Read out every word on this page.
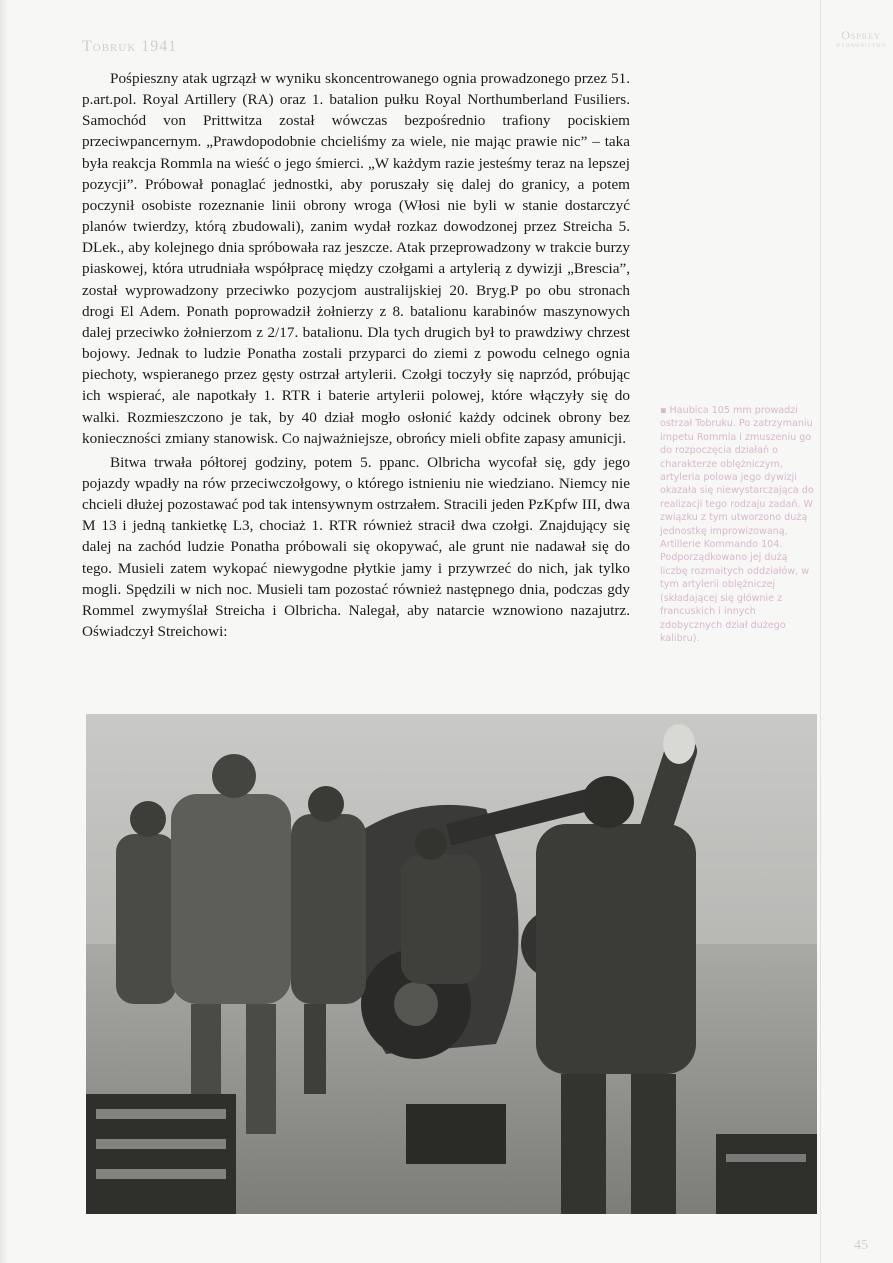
Tobruk 1941
Osprey
WYDAWNICTWO

Pośpieszny atak ugrzązł w wyniku skoncentrowanego ognia prowadzonego przez 51. p.art.pol. Royal Artillery (RA) oraz 1. batalion pułku Royal Northumberland Fusiliers. Samochód von Prittwitza został wówczas bezpośrednio trafiony pociskiem przeciwpancernym. „Prawdopodobnie chcieliśmy za wiele, nie mając prawie nic” – taka była reakcja Rommla na wieść o jego śmierci. „W każdym razie jesteśmy teraz na lepszej pozycji”. Próbował ponaglać jednostki, aby poruszały się dalej do granicy, a potem poczynił osobiste rozeznanie linii obrony wroga (Włosi nie byli w stanie dostarczyć planów twierdzy, którą zbudowali), zanim wydał rozkaz dowodzonej przez Streicha 5. DLek., aby kolejnego dnia spróbowała raz jeszcze. Atak przeprowadzony w trakcie burzy piaskowej, która utrudniała współpracę między czołgami a artylerią z dywizji „Brescia”, został wyprowadzony przeciwko pozycjom australijskiej 20. Bryg.P po obu stronach drogi El Adem. Ponath poprowadził żołnierzy z 8. batalionu karabinów maszynowych dalej przeciwko żołnierzom z 2/17. batalionu. Dla tych drugich był to prawdziwy chrzest bojowy. Jednak to ludzie Ponatha zostali przyparci do ziemi z powodu celnego ognia piechoty, wspieranego przez gęsty ostrzał artylerii. Czołgi toczyły się naprzód, próbując ich wspierać, ale napotkały 1. RTR i baterie artylerii polowej, które włączyły się do walki. Rozmieszczono je tak, by 40 dział mogło osłonić każdy odcinek obrony bez konieczności zmiany stanowisk. Co najważniejsze, obrońcy mieli obfite zapasy amunicji.

Bitwa trwała półtorej godziny, potem 5. ppanc. Olbricha wycofał się, gdy jego pojazdy wpadły na rów przeciwczołgowy, o którego istnieniu nie wiedziano. Niemcy nie chcieli dłużej pozostawać pod tak intensywnym ostrzałem. Stracili jeden PzKpfw III, dwa M 13 i jedną tankietkę L3, chociaż 1. RTR również stracił dwa czołgi. Znajdujący się dalej na zachód ludzie Ponatha próbowali się okopywać, ale grunt nie nadawał się do tego. Musieli zatem wykopać niewygodne płytkie jamy i przywrzeć do nich, jak tylko mogli. Spędzili w nich noc. Musieli tam pozostać również następnego dnia, podczas gdy Rommel zwymyślał Streicha i Olbricha. Nalegał, aby natarcie wznowiono nazajutrz. Oświadczył Streichowi:

▪ Haubica 105 mm prowadzi ostrzał Tobruku. Po zatrzymaniu impetu Rommla i zmuszeniu go do rozpoczęcia działań o charakterze oblężniczym, artyleria polowa jego dywizji okazała się niewystarczająca do realizacji tego rodzaju zadań. W związku z tym utworzono dużą jednostkę improwizowaną, Artillerie Kommando 104. Podporządkowano jej dużą liczbę rozmaitych oddziałów, w tym artylerii oblężniczej (składającej się głównie z francuskich i innych zdobycznych dział dużego kalibru).
45
